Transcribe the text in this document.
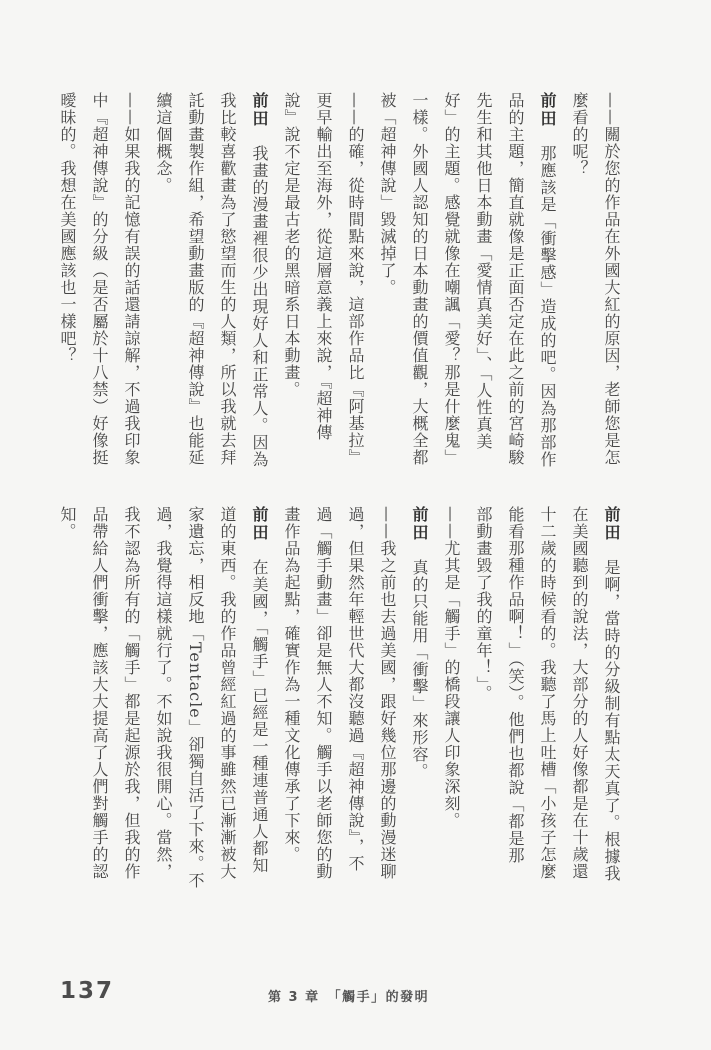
——關於您的作品在外國大紅的原因，老師您是怎
麼看的呢？
前田　那應該是「衝擊感」造成的吧。因為那部作
品的主題，簡直就像是正面否定在此之前的宮崎駿
先生和其他日本動畫「愛情真美好」、「人性真美
好」的主題。感覺就像在嘲諷「愛？那是什麼鬼」
一樣。外國人認知的日本動畫的價值觀，大概全都
被「超神傳說」毀滅掉了。
——的確，從時間點來說，這部作品比『阿基拉』
更早輸出至海外，從這層意義上來說，『超神傳
說』說不定是最古老的黑暗系日本動畫。
前田　我畫的漫畫裡很少出現好人和正常人。因為
我比較喜歡畫為了慾望而生的人類，所以我就去拜
託動畫製作組，希望動畫版的『超神傳說』也能延
續這個概念。
——如果我的記憶有誤的話還請諒解，不過我印象
中『超神傳說』的分級（是否屬於十八禁）好像挺
曖昧的。我想在美國應該也一樣吧？
前田　是啊，當時的分級制有點太天真了。根據我
在美國聽到的說法，大部分的人好像都是在十歲還
十二歲的時候看的。我聽了馬上吐槽「小孩子怎麼
能看那種作品啊！」（笑）。他們也都說「都是那
部動畫毀了我的童年！」。
——尤其是「觸手」的橋段讓人印象深刻。
前田　真的只能用「衝擊」來形容。
——我之前也去過美國，跟好幾位那邊的動漫迷聊
過，但果然年輕世代大都沒聽過『超神傳說』，不
過「觸手動畫」卻是無人不知。觸手以老師您的動
畫作品為起點，確實作為一種文化傳承了下來。
前田　在美國，「觸手」已經是一種連普通人都知
道的東西。我的作品曾經紅過的事雖然已漸漸被大
家遺忘，相反地「Tentacle」卻獨自活了下來。不
過，我覺得這樣就行了。不如說我很開心。當然，
我不認為所有的「觸手」都是起源於我，但我的作
品帶給人們衝擊，應該大大提高了人們對觸手的認
知。
137	第 3 章　「觸手」的發明
